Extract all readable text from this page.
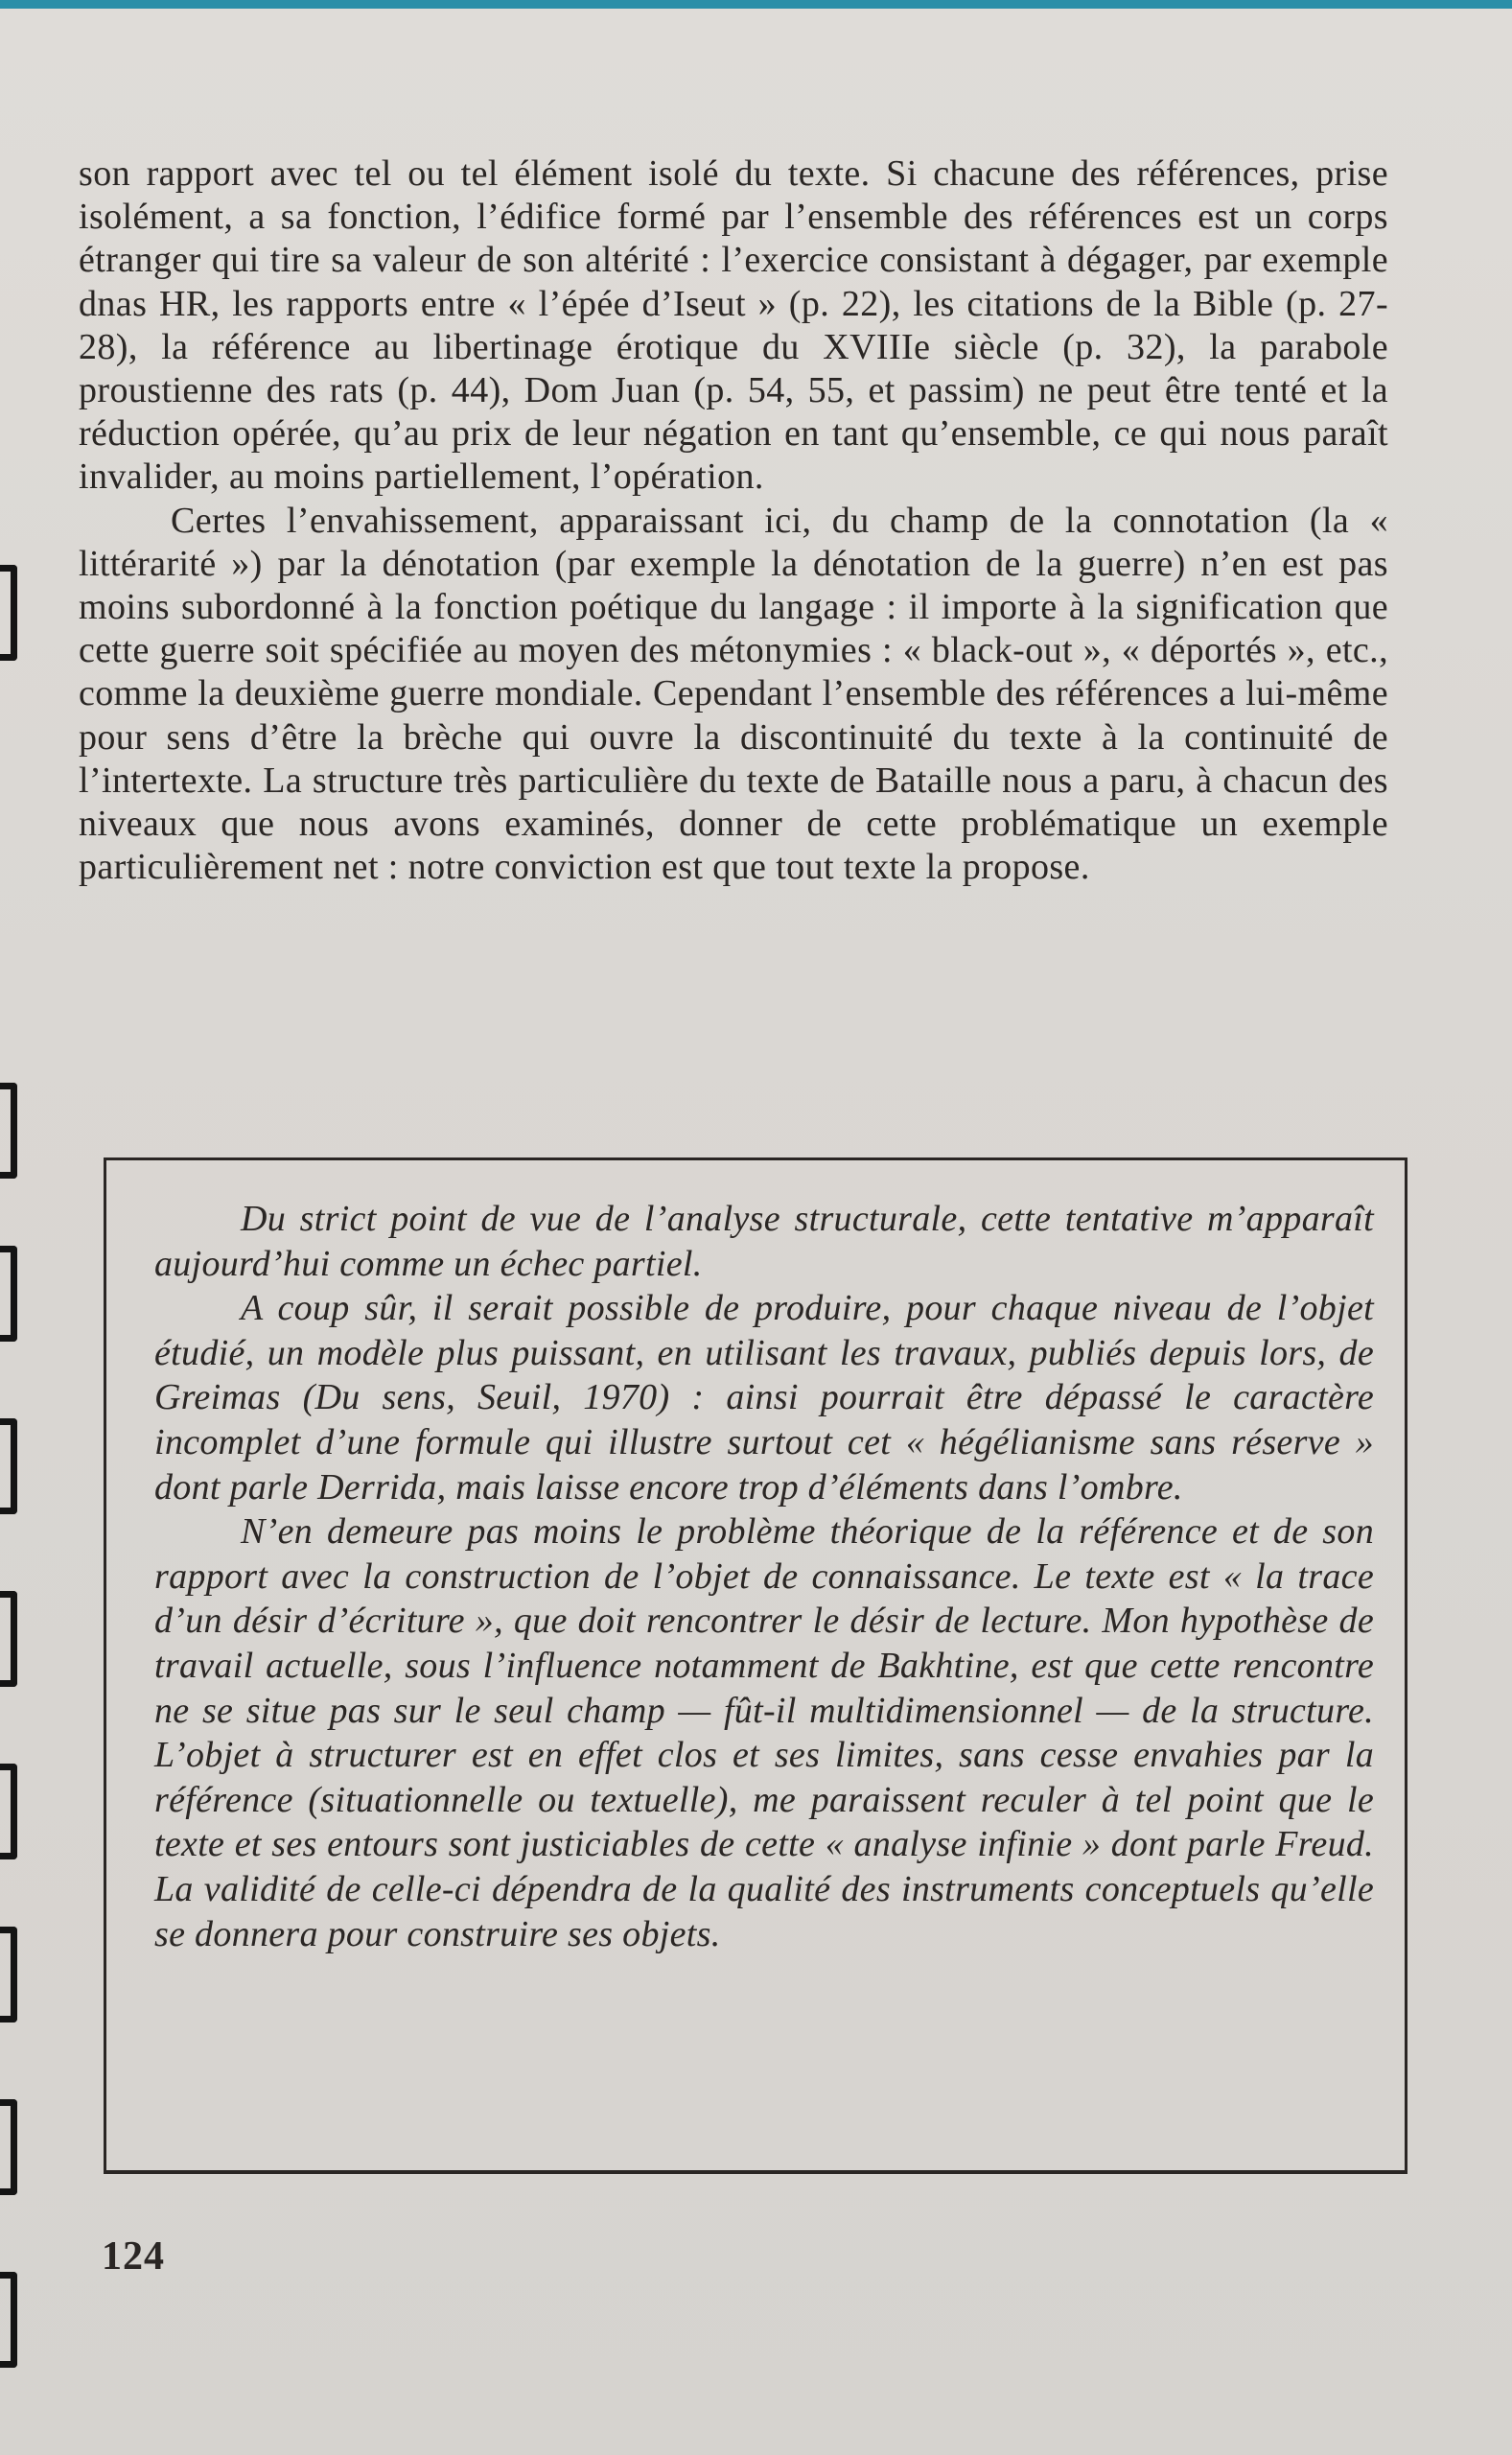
son rapport avec tel ou tel élément isolé du texte. Si chacune des références, prise isolément, a sa fonction, l’édifice formé par l’ensemble des références est un corps étranger qui tire sa valeur de son altérité : l’exercice consistant à dégager, par exemple dnas HR, les rapports entre « l’épée d’Iseut » (p. 22), les citations de la Bible (p. 27-28), la référence au libertinage érotique du XVIIIe siècle (p. 32), la parabole proustienne des rats (p. 44), Dom Juan (p. 54, 55, et passim) ne peut être tenté et la réduction opérée, qu’au prix de leur négation en tant qu’ensemble, ce qui nous paraît invalider, au moins partiellement, l’opération.

Certes l’envahissement, apparaissant ici, du champ de la connotation (la « littérarité ») par la dénotation (par exemple la dénotation de la guerre) n’en est pas moins subordonné à la fonction poétique du langage : il importe à la signification que cette guerre soit spécifiée au moyen des métonymies : « black-out », « déportés », etc., comme la deuxième guerre mondiale. Cependant l’ensemble des références a lui-même pour sens d’être la brèche qui ouvre la discontinuité du texte à la continuité de l’intertexte. La structure très particulière du texte de Bataille nous a paru, à chacun des niveaux que nous avons examinés, donner de cette problématique un exemple particulièrement net : notre conviction est que tout texte la propose.

Du strict point de vue de l’analyse structurale, cette tentative m’apparaît aujourd’hui comme un échec partiel.

A coup sûr, il serait possible de produire, pour chaque niveau de l’objet étudié, un modèle plus puissant, en utilisant les travaux, publiés depuis lors, de Greimas (Du sens, Seuil, 1970) : ainsi pourrait être dépassé le caractère incomplet d’une formule qui illustre surtout cet « hégélianisme sans réserve » dont parle Derrida, mais laisse encore trop d’éléments dans l’ombre.

N’en demeure pas moins le problème théorique de la référence et de son rapport avec la construction de l’objet de connaissance. Le texte est « la trace d’un désir d’écriture », que doit rencontrer le désir de lecture. Mon hypothèse de travail actuelle, sous l’influence notamment de Bakhtine, est que cette rencontre ne se situe pas sur le seul champ — fût-il multidimensionnel — de la structure. L’objet à structurer est en effet clos et ses limites, sans cesse envahies par la référence (situationnelle ou textuelle), me paraissent reculer à tel point que le texte et ses entours sont justiciables de cette « analyse infinie » dont parle Freud. La validité de celle-ci dépendra de la qualité des instruments conceptuels qu’elle se donnera pour construire ses objets.

124
